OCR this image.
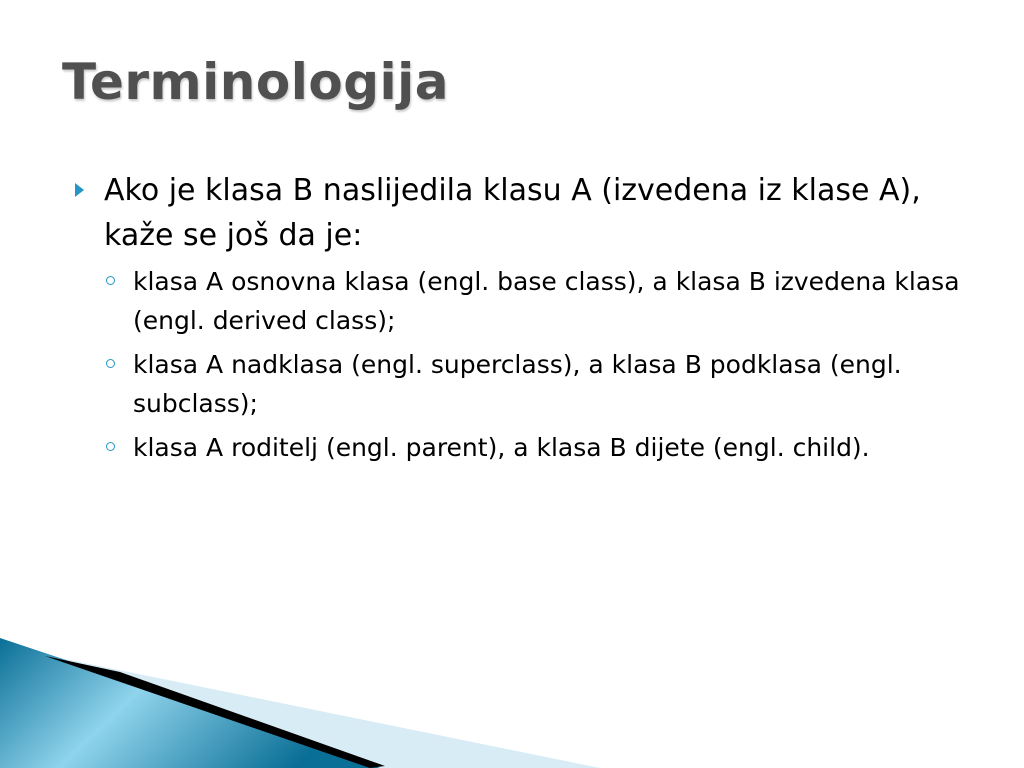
Terminologija
Ako je klasa B naslijedila klasu A (izvedena iz klase A), kaže se još da je:
klasa A osnovna klasa (engl. base class), a klasa B izvedena klasa (engl. derived class);
klasa A nadklasa (engl. superclass), a klasa B podklasa (engl. subclass);
klasa A roditelj (engl. parent), a klasa B dijete (engl. child).
